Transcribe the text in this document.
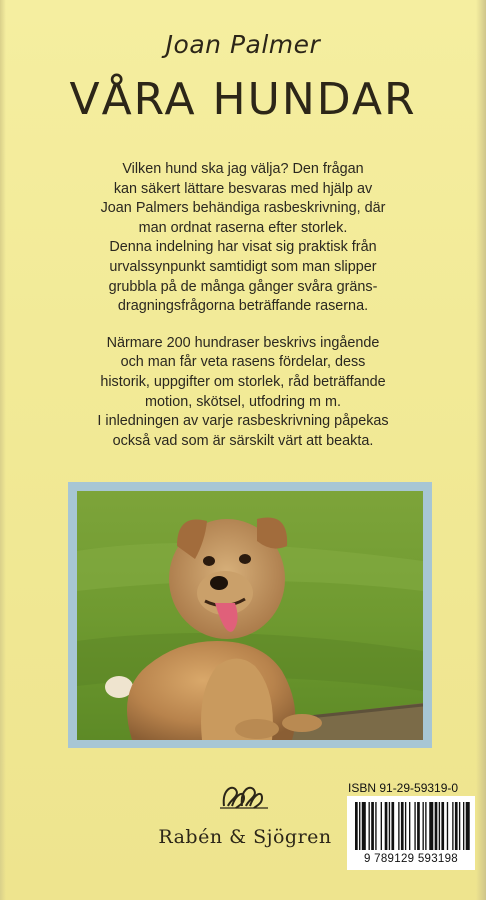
Joan Palmer
VÅRA HUNDAR

Vilken hund ska jag välja? Den frågan
kan säkert lättare besvaras med hjälp av
Joan Palmers behändiga rasbeskrivning, där
man ordnat raserna efter storlek.
Denna indelning har visat sig praktisk från
urvalssynpunkt samtidigt som man slipper
grubbla på de många gånger svåra gräns-
dragningsfrågorna beträffande raserna.

Närmare 200 hundraser beskrivs ingående
och man får veta rasens fördelar, dess
historik, uppgifter om storlek, råd beträffande
motion, skötsel, utfodring m m.
I inledningen av varje rasbeskrivning påpekas
också vad som är särskilt värt att beakta.

Rabén & Sjögren
ISBN 91-29-59319-0
9 789129 593198
